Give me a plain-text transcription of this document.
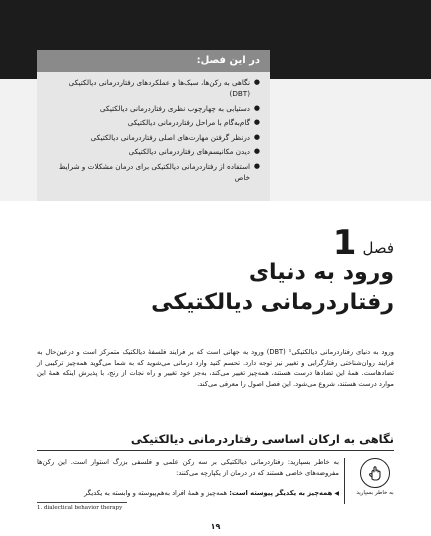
در این فصل:
●
نگاهی به رکن‌ها، سبک‌ها و عملکردهای رفتاردرمانی دیالکتیکی (DBT)
●
دستیابی به چهارچوب نظری رفتاردرمانی دیالکتیکی
●
گام‌به‌گام با مراحل رفتاردرمانی دیالکتیکی
●
درنظر گرفتن مهارت‌های اصلی رفتاردرمانی دیالکتیکی
●
دیدن مکانیسم‌های رفتاردرمانی دیالکتیکی
●
استفاده از رفتاردرمانی دیالکتیکی برای درمان مشکلات و شرایط خاص
فصل
1
ورود به دنیای
رفتاردرمانی دیالکتیکی

ورود به دنیای رفتاردرمانی دیالکتیکی¹ (DBT) ورود به جهانی است که بر فرایند فلسفهٔ دیالکتیک متمرکز است و درعین‌حال به فرایند روان‌شناختی رفتارگرایی و تغییر نیز توجه دارد. تحسم کنید وارد درمانی می‌شوید که به شما می‌گوید همه‌چیز ترکیبی از تضادهاست. همهٔ این تضادها درست هستند، همه‌چیز تغییر می‌کند، به‌جز خود تغییر و راه نجات از رنج، با پذیرش اینکه همهٔ این موارد درست هستند، شروع می‌شود. این فصل اصول را معرفی می‌کند.

نگاهی به ارکان اساسی رفتاردرمانی دیالکتیکی
به خاطر بسپارید

به خاطر بسپارید: رفتاردرمانی دیالکتیکی بر سه رکن علمی و فلسفی بزرگ استوار است. این رکن‌ها مفروضه‌های خاصی هستند که در درمان از یکپارچه می‌کنند:

◀ همه‌چیز به یکدیگر پیوسته است: همه‌چیز و همهٔ افراد به‌هم‌پیوسته و وابسته به یکدیگر
1. dialectical behavior therapy
۱۹
